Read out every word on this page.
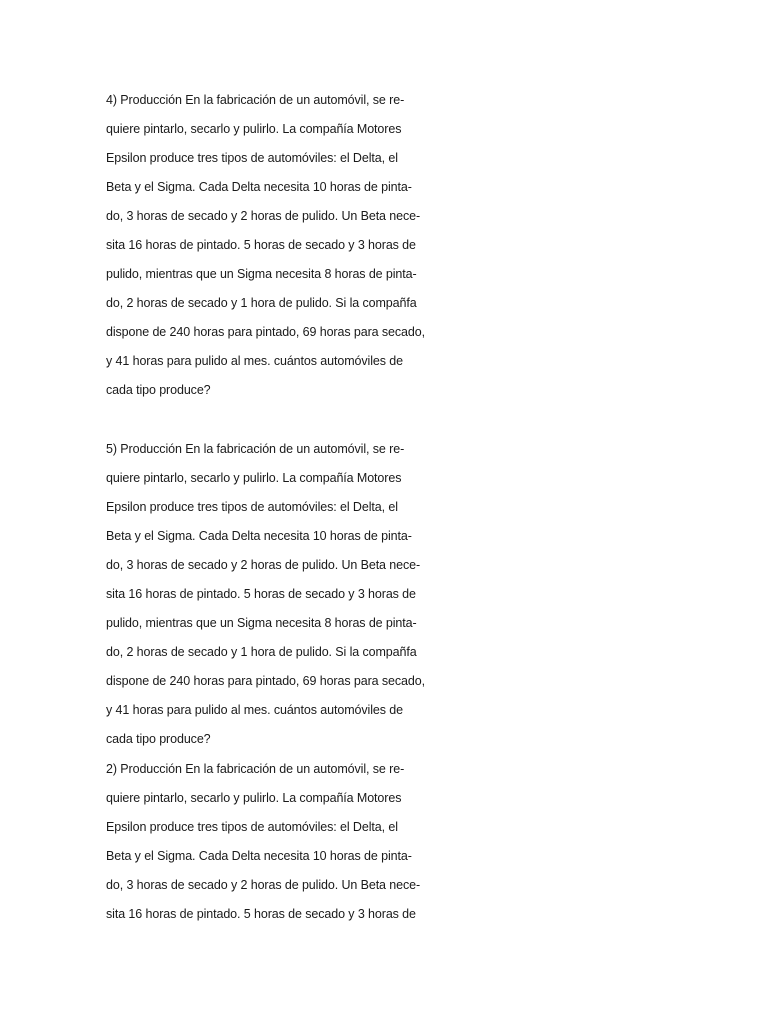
4) Producción En la fabricación de un automóvil, se re-
quiere pintarlo, secarlo y pulirlo. La compañía Motores
Epsilon produce tres tipos de automóviles: el Delta, el
Beta y el Sigma. Cada Delta necesita 10 horas de pinta-
do, 3 horas de secado y 2 horas de pulido. Un Beta nece-
sita 16 horas de pintado. 5 horas de secado y 3 horas de
pulido, mientras que un Sigma necesita 8 horas de pinta-
do, 2 horas de secado y 1 hora de pulido. Si la compañfa
dispone de 240 horas para pintado, 69 horas para secado,
y 41 horas para pulido al mes. cuántos automóviles de
cada tipo produce?
5) Producción En la fabricación de un automóvil, se re-
quiere pintarlo, secarlo y pulirlo. La compañía Motores
Epsilon produce tres tipos de automóviles: el Delta, el
Beta y el Sigma. Cada Delta necesita 10 horas de pinta-
do, 3 horas de secado y 2 horas de pulido. Un Beta nece-
sita 16 horas de pintado. 5 horas de secado y 3 horas de
pulido, mientras que un Sigma necesita 8 horas de pinta-
do, 2 horas de secado y 1 hora de pulido. Si la compañfa
dispone de 240 horas para pintado, 69 horas para secado,
y 41 horas para pulido al mes. cuántos automóviles de
cada tipo produce?
2) Producción En la fabricación de un automóvil, se re-
quiere pintarlo, secarlo y pulirlo. La compañía Motores
Epsilon produce tres tipos de automóviles: el Delta, el
Beta y el Sigma. Cada Delta necesita 10 horas de pinta-
do, 3 horas de secado y 2 horas de pulido. Un Beta nece-
sita 16 horas de pintado. 5 horas de secado y 3 horas de
